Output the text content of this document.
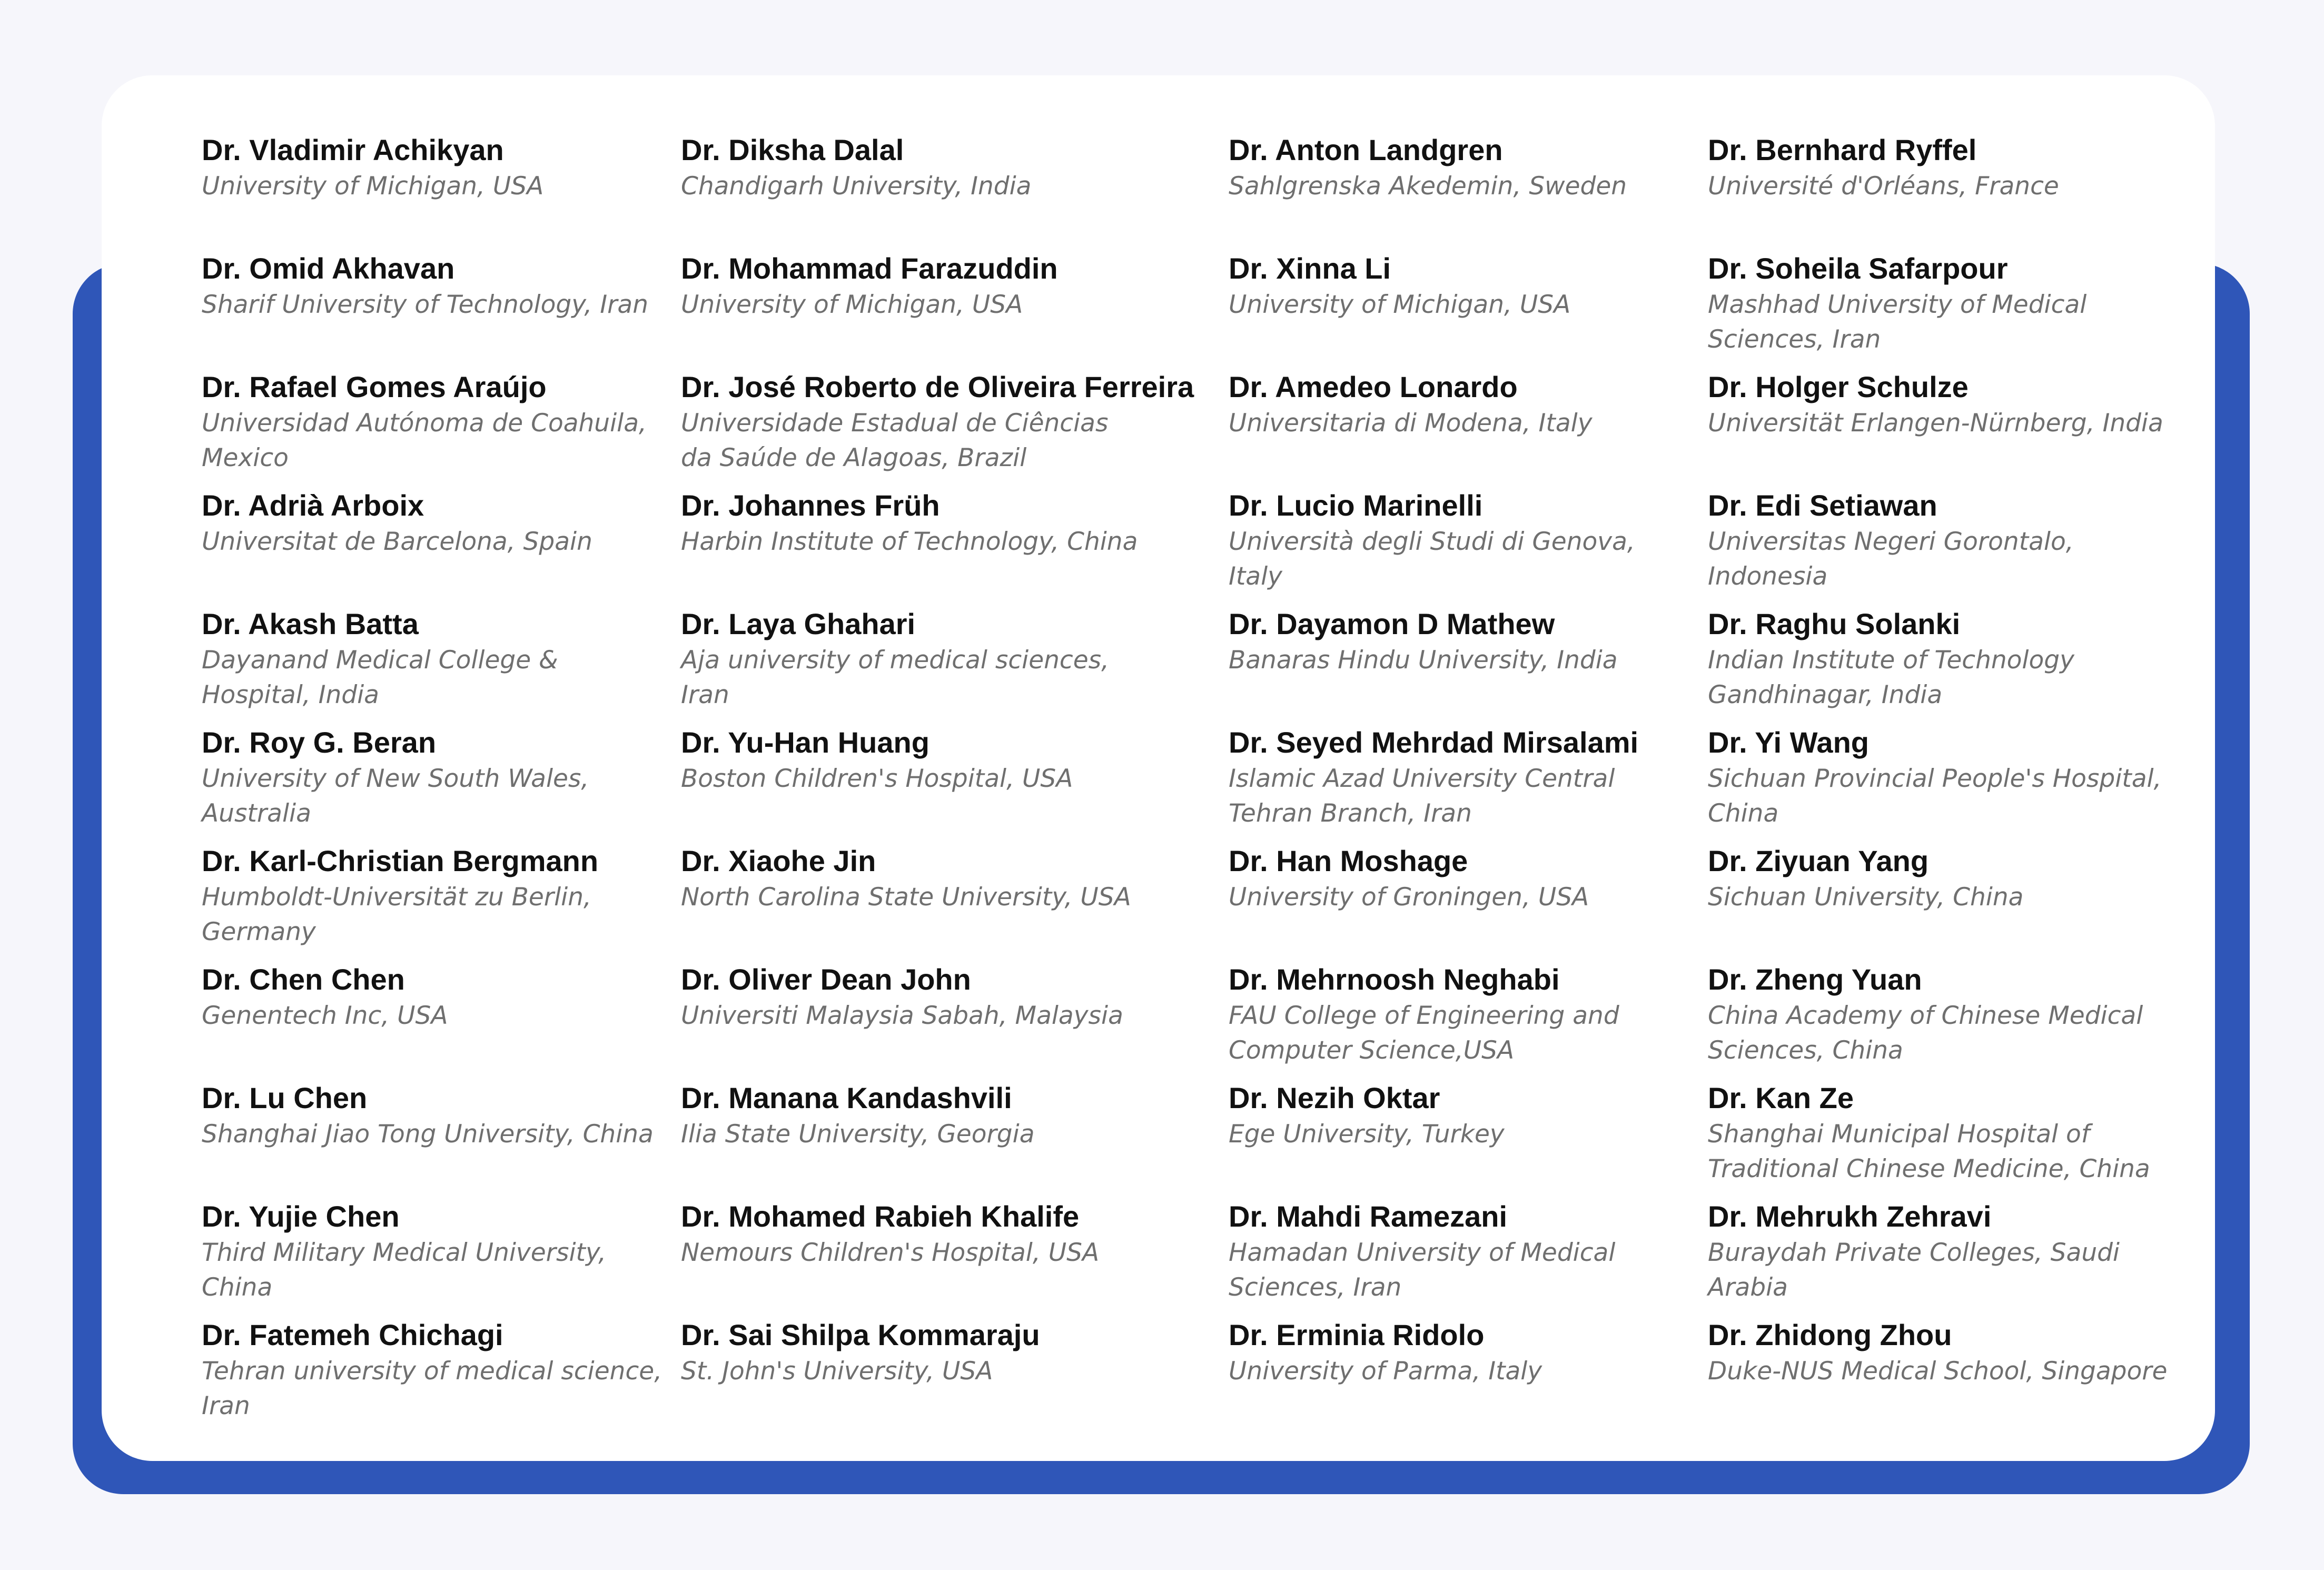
Dr. Vladimir Achikyan
University of Michigan, USA
Dr. Omid Akhavan
Sharif University of Technology, Iran
Dr. Rafael Gomes Araújo
Universidad Autónoma de Coahuila, Mexico
Dr. Adrià Arboix
Universitat de Barcelona, Spain
Dr. Akash Batta
Dayanand Medical College & Hospital, India
Dr. Roy G. Beran
University of New South Wales, Australia
Dr. Karl-Christian Bergmann
Humboldt-Universität zu Berlin, Germany
Dr. Chen Chen
Genentech Inc, USA
Dr. Lu Chen
Shanghai Jiao Tong University, China
Dr. Yujie Chen
Third Military Medical University, China
Dr. Fatemeh Chichagi
Tehran university of medical science, Iran
Dr. Diksha Dalal
Chandigarh University, India
Dr. Mohammad Farazuddin
University of Michigan, USA
Dr. José Roberto de Oliveira Ferreira
Universidade Estadual de Ciências da Saúde de Alagoas, Brazil
Dr. Johannes Früh
Harbin Institute of Technology, China
Dr. Laya Ghahari
Aja university of medical sciences, Iran
Dr. Yu-Han Huang
Boston Children's Hospital, USA
Dr. Xiaohe Jin
North Carolina State University, USA
Dr. Oliver Dean John
Universiti Malaysia Sabah, Malaysia
Dr. Manana Kandashvili
Ilia State University, Georgia
Dr. Mohamed Rabieh Khalife
Nemours Children's Hospital, USA
Dr. Sai Shilpa Kommaraju
St. John's University, USA
Dr. Anton Landgren
Sahlgrenska Akedemin, Sweden
Dr. Xinna Li
University of Michigan, USA
Dr. Amedeo Lonardo
Universitaria di Modena, Italy
Dr. Lucio Marinelli
Università degli Studi di Genova, Italy
Dr. Dayamon D Mathew
Banaras Hindu University, India
Dr. Seyed Mehrdad Mirsalami
Islamic Azad University Central Tehran Branch, Iran
Dr. Han Moshage
University of Groningen, USA
Dr. Mehrnoosh Neghabi
FAU College of Engineering and Computer Science,USA
Dr. Nezih Oktar
Ege University, Turkey
Dr. Mahdi Ramezani
Hamadan University of Medical Sciences, Iran
Dr. Erminia Ridolo
University of Parma, Italy
Dr. Bernhard Ryffel
Université d'Orléans, France
Dr. Soheila Safarpour
Mashhad University of Medical Sciences, Iran
Dr. Holger Schulze
Universität Erlangen-Nürnberg, India
Dr. Edi Setiawan
Universitas Negeri Gorontalo, Indonesia
Dr. Raghu Solanki
Indian Institute of Technology Gandhinagar, India
Dr. Yi Wang
Sichuan Provincial People's Hospital, China
Dr. Ziyuan Yang
Sichuan University, China
Dr. Zheng Yuan
China Academy of Chinese Medical Sciences, China
Dr. Kan Ze
Shanghai Municipal Hospital of Traditional Chinese Medicine, China
Dr. Mehrukh Zehravi
Buraydah Private Colleges, Saudi Arabia
Dr. Zhidong Zhou
Duke-NUS Medical School, Singapore
